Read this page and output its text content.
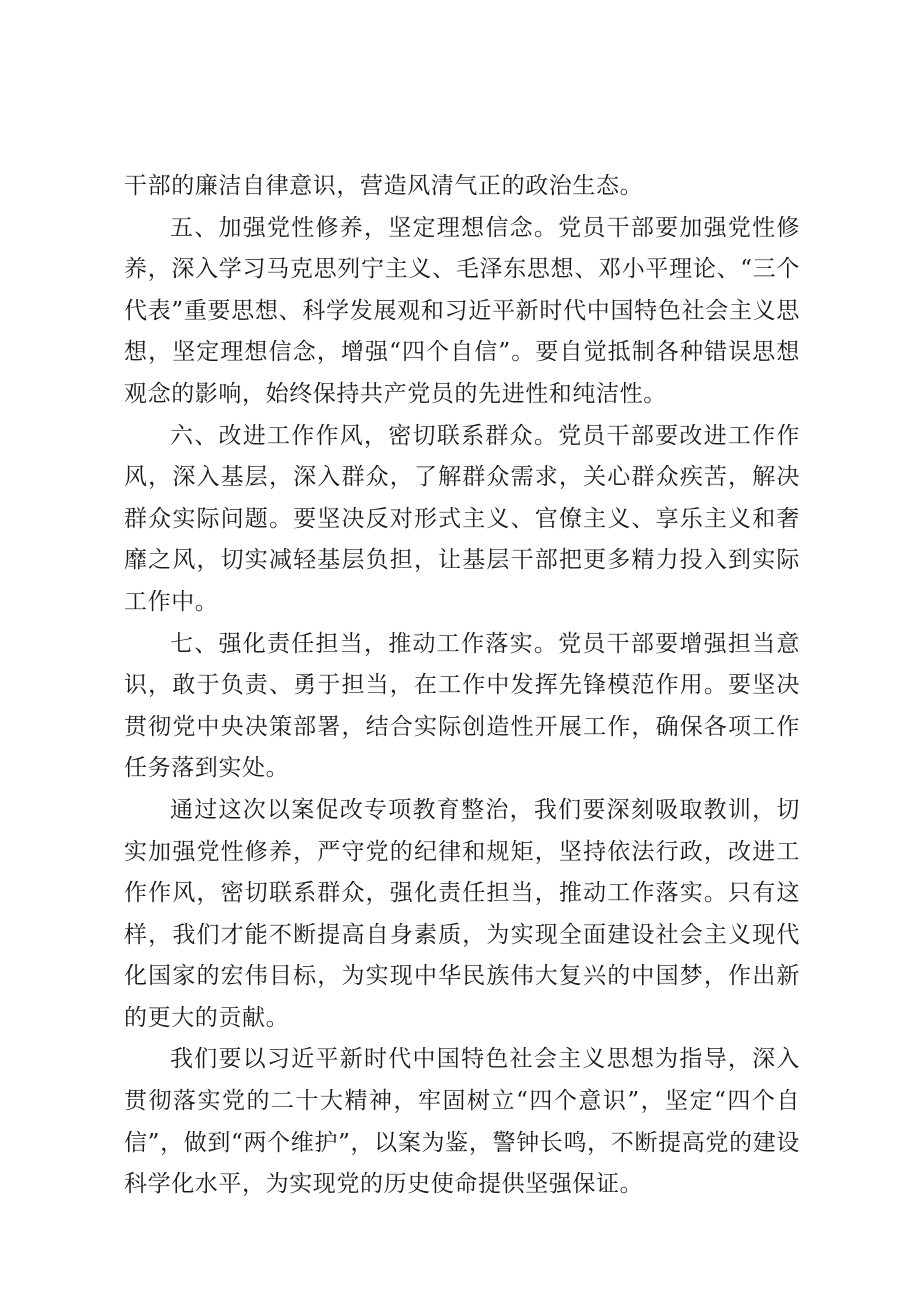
干部的廉洁自律意识，营造风清气正的政治生态。

五、加强党性修养，坚定理想信念。党员干部要加强党性修养，深入学习马克思列宁主义、毛泽东思想、邓小平理论、“三个代表”重要思想、科学发展观和习近平新时代中国特色社会主义思想，坚定理想信念，增强“四个自信”。要自觉抵制各种错误思想观念的影响，始终保持共产党员的先进性和纯洁性。

六、改进工作作风，密切联系群众。党员干部要改进工作作风，深入基层，深入群众，了解群众需求，关心群众疾苦，解决群众实际问题。要坚决反对形式主义、官僚主义、享乐主义和奢靡之风，切实减轻基层负担，让基层干部把更多精力投入到实际工作中。

七、强化责任担当，推动工作落实。党员干部要增强担当意识，敢于负责、勇于担当，在工作中发挥先锋模范作用。要坚决贯彻党中央决策部署，结合实际创造性开展工作，确保各项工作任务落到实处。

通过这次以案促改专项教育整治，我们要深刻吸取教训，切实加强党性修养，严守党的纪律和规矩，坚持依法行政，改进工作作风，密切联系群众，强化责任担当，推动工作落实。只有这样，我们才能不断提高自身素质，为实现全面建设社会主义现代化国家的宏伟目标，为实现中华民族伟大复兴的中国梦，作出新的更大的贡献。

我们要以习近平新时代中国特色社会主义思想为指导，深入贯彻落实党的二十大精神，牢固树立“四个意识”，坚定“四个自信”，做到“两个维护”，以案为鉴，警钟长鸣，不断提高党的建设科学化水平，为实现党的历史使命提供坚强保证。
